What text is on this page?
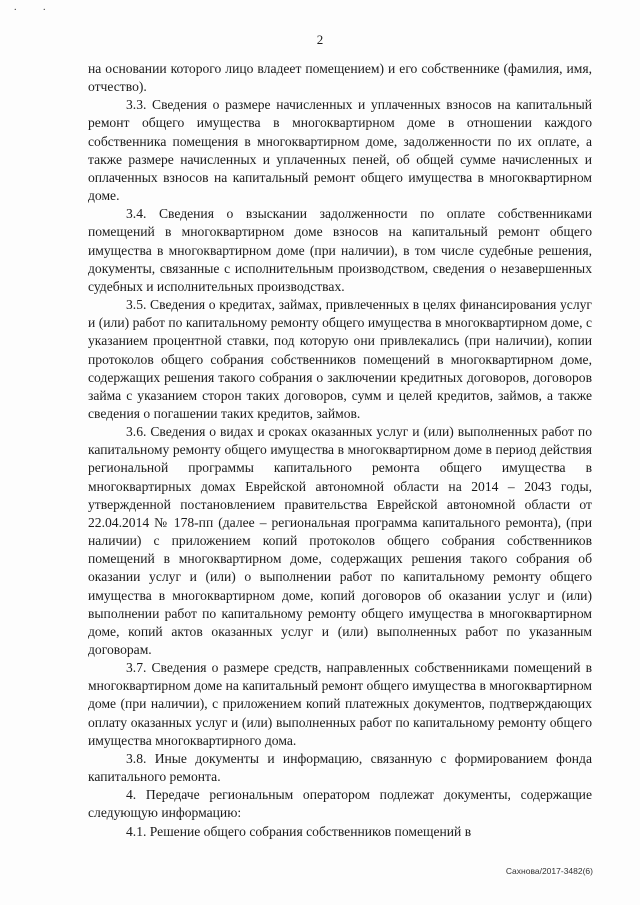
. .
2

на основании которого лицо владеет помещением) и его собственнике (фамилия, имя, отчество).

3.3. Сведения о размере начисленных и уплаченных взносов на капитальный ремонт общего имущества в многоквартирном доме в отношении каждого собственника помещения в многоквартирном доме, задолженности по их оплате, а также размере начисленных и уплаченных пеней, об общей сумме начисленных и оплаченных взносов на капитальный ремонт общего имущества в многоквартирном доме.

3.4. Сведения о взыскании задолженности по оплате собственниками помещений в многоквартирном доме взносов на капитальный ремонт общего имущества в многоквартирном доме (при наличии), в том числе судебные решения, документы, связанные с исполнительным производством, сведения о незавершенных судебных и исполнительных производствах.

3.5. Сведения о кредитах, займах, привлеченных в целях финансирования услуг и (или) работ по капитальному ремонту общего имущества в многоквартирном доме, с указанием процентной ставки, под которую они привлекались (при наличии), копии протоколов общего собрания собственников помещений в многоквартирном доме, содержащих решения такого собрания о заключении кредитных договоров, договоров займа с указанием сторон таких договоров, сумм и целей кредитов, займов, а также сведения о погашении таких кредитов, займов.

3.6. Сведения о видах и сроках оказанных услуг и (или) выполненных работ по капитальному ремонту общего имущества в многоквартирном доме в период действия региональной программы капитального ремонта общего имущества в многоквартирных домах Еврейской автономной области на 2014 – 2043 годы, утвержденной постановлением правительства Еврейской автономной области от 22.04.2014 № 178-пп (далее – региональная программа капитального ремонта), (при наличии) с приложением копий протоколов общего собрания собственников помещений в многоквартирном доме, содержащих решения такого собрания об оказании услуг и (или) о выполнении работ по капитальному ремонту общего имущества в многоквартирном доме, копий договоров об оказании услуг и (или) выполнении работ по капитальному ремонту общего имущества в многоквартирном доме, копий актов оказанных услуг и (или) выполненных работ по указанным договорам.

3.7. Сведения о размере средств, направленных собственниками помещений в многоквартирном доме на капитальный ремонт общего имущества в многоквартирном доме (при наличии), с приложением копий платежных документов, подтверждающих оплату оказанных услуг и (или) выполненных работ по капитальному ремонту общего имущества многоквартирного дома.

3.8. Иные документы и информацию, связанную с формированием фонда капитального ремонта.

4. Передаче региональным оператором подлежат документы, содержащие следующую информацию:

4.1. Решение общего собрания собственников помещений в

Сахнова/2017-3482(6)
